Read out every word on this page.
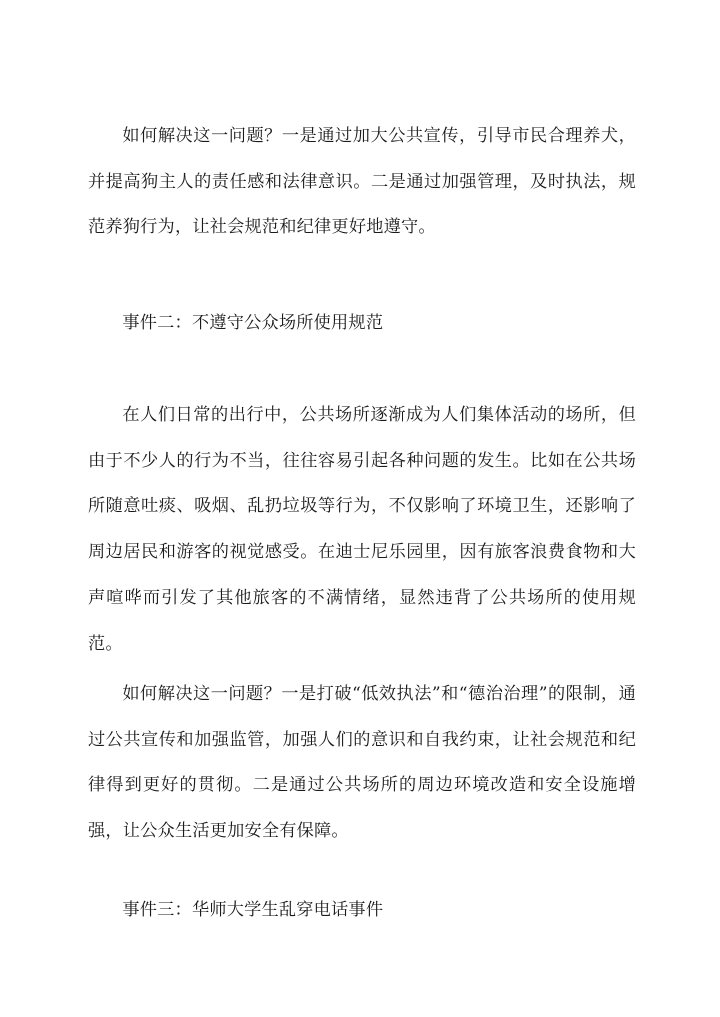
如何解决这一问题？一是通过加大公共宣传，引导市民合理养犬，并提高狗主人的责任感和法律意识。二是通过加强管理，及时执法，规范养狗行为，让社会规范和纪律更好地遵守。

事件二：不遵守公众场所使用规范

在人们日常的出行中，公共场所逐渐成为人们集体活动的场所，但由于不少人的行为不当，往往容易引起各种问题的发生。比如在公共场所随意吐痰、吸烟、乱扔垃圾等行为，不仅影响了环境卫生，还影响了周边居民和游客的视觉感受。在迪士尼乐园里，因有旅客浪费食物和大声喧哗而引发了其他旅客的不满情绪，显然违背了公共场所的使用规范。

如何解决这一问题？一是打破“低效执法”和“德治治理”的限制，通过公共宣传和加强监管，加强人们的意识和自我约束，让社会规范和纪律得到更好的贯彻。二是通过公共场所的周边环境改造和安全设施增强，让公众生活更加安全有保障。

事件三：华师大学生乱穿电话事件
